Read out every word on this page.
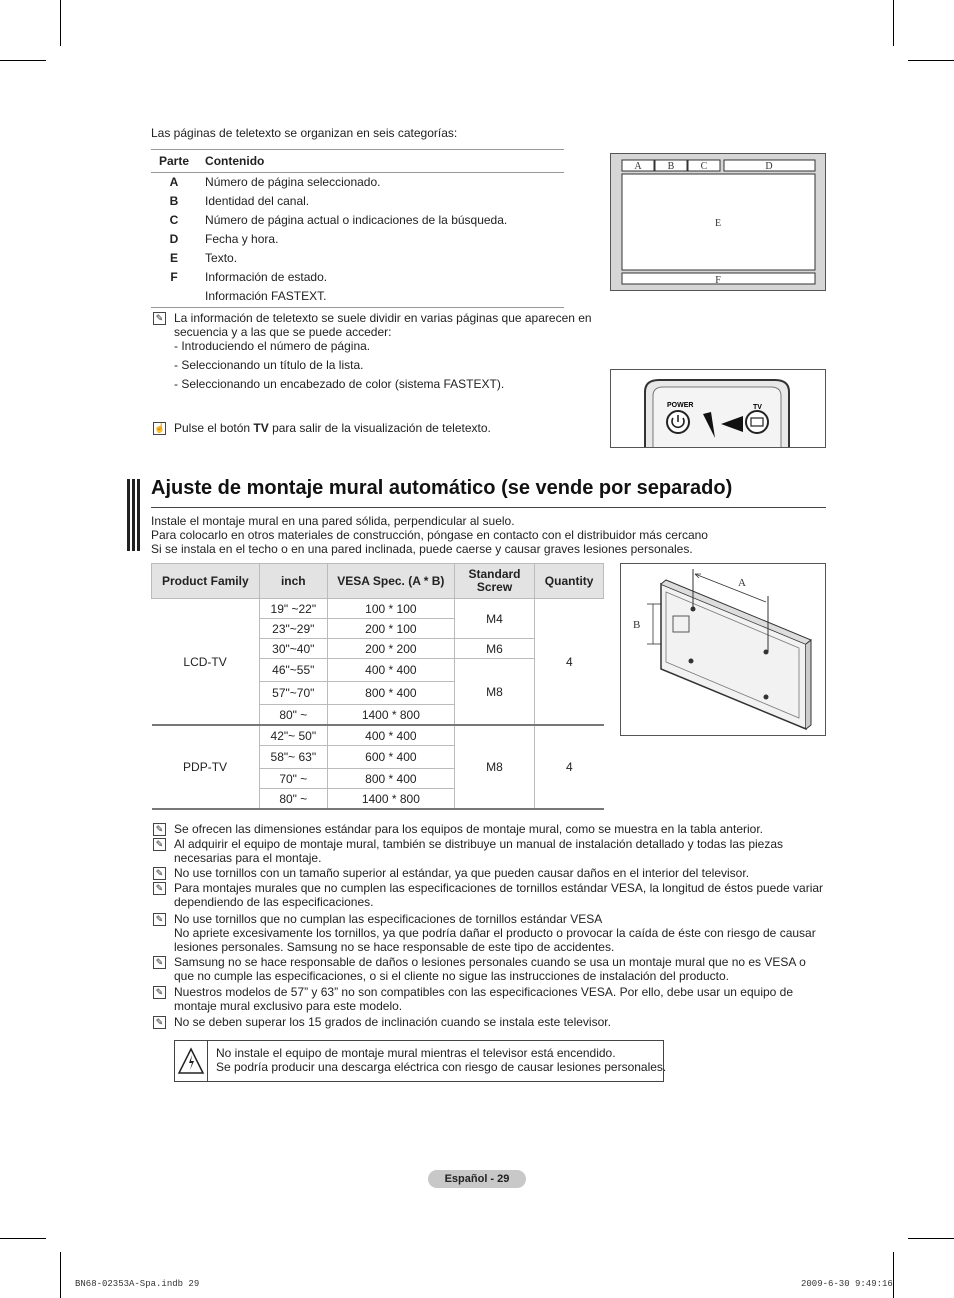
Las páginas de teletexto se organizan en seis categorías:
Parte	Contenido
A	Número de página seleccionado.
B	Identidad del canal.
C	Número de página actual o indicaciones de la búsqueda.
D	Fecha y hora.
E	Texto.
F	Información de estado.
	Información FASTEXT.
A	B	C	D
E
F
✎ La información de teletexto se suele dividir en varias páginas que aparecen en secuencia y a las que se puede acceder:
- Introduciendo el número de página.
- Seleccionando un título de la lista.
- Seleccionando un encabezado de color (sistema FASTEXT).
☝ Pulse el botón TV para salir de la visualización de teletexto.
POWER	TV
Ajuste de montaje mural automático (se vende por separado)
Instale el montaje mural en una pared sólida, perpendicular al suelo.
Para colocarlo en otros materiales de construcción, póngase en contacto con el distribuidor más cercano
Si se instala en el techo o en una pared inclinada, puede caerse y causar graves lesiones personales.
Product Family	inch	VESA Spec. (A * B)	Standard Screw	Quantity
LCD-TV	19" ~22"	100 * 100	M4	4
	23"~29"	200 * 100		
	30"~40"	200 * 200	M6	
	46"~55"	400 * 400	M8	
	57"~70"	800 * 400		
	80" ~	1400 * 800		
PDP-TV	42"~ 50"	400 * 400	M8	4
	58"~ 63"	600 * 400		
	70" ~	800 * 400		
	80" ~	1400 * 800		
A
B
✎ Se ofrecen las dimensiones estándar para los equipos de montaje mural, como se muestra en la tabla anterior.
✎ Al adquirir el equipo de montaje mural, también se distribuye un manual de instalación detallado y todas las piezas necesarias para el montaje.
✎ No use tornillos con un tamaño superior al estándar, ya que pueden causar daños en el interior del televisor.
✎ Para montajes murales que no cumplen las especificaciones de tornillos estándar VESA, la longitud de éstos puede variar dependiendo de las especificaciones.
✎ No use tornillos que no cumplan las especificaciones de tornillos estándar VESA
No apriete excesivamente los tornillos, ya que podría dañar el producto o provocar la caída de éste con riesgo de causar lesiones personales. Samsung no se hace responsable de este tipo de accidentes.
✎ Samsung no se hace responsable de daños o lesiones personales cuando se usa un montaje mural que no es VESA o que no cumple las especificaciones, o si el cliente no sigue las instrucciones de instalación del producto.
✎ Nuestros modelos de 57” y 63” no son compatibles con las especificaciones VESA. Por ello, debe usar un equipo de montaje mural exclusivo para este modelo.
✎ No se deben superar los 15 grados de inclinación cuando se instala este televisor.
No instale el equipo de montaje mural mientras el televisor está encendido.
Se podría producir una descarga eléctrica con riesgo de causar lesiones personales.
Español - 29
BN68-02353A-Spa.indb 29	2009-6-30 9:49:16
